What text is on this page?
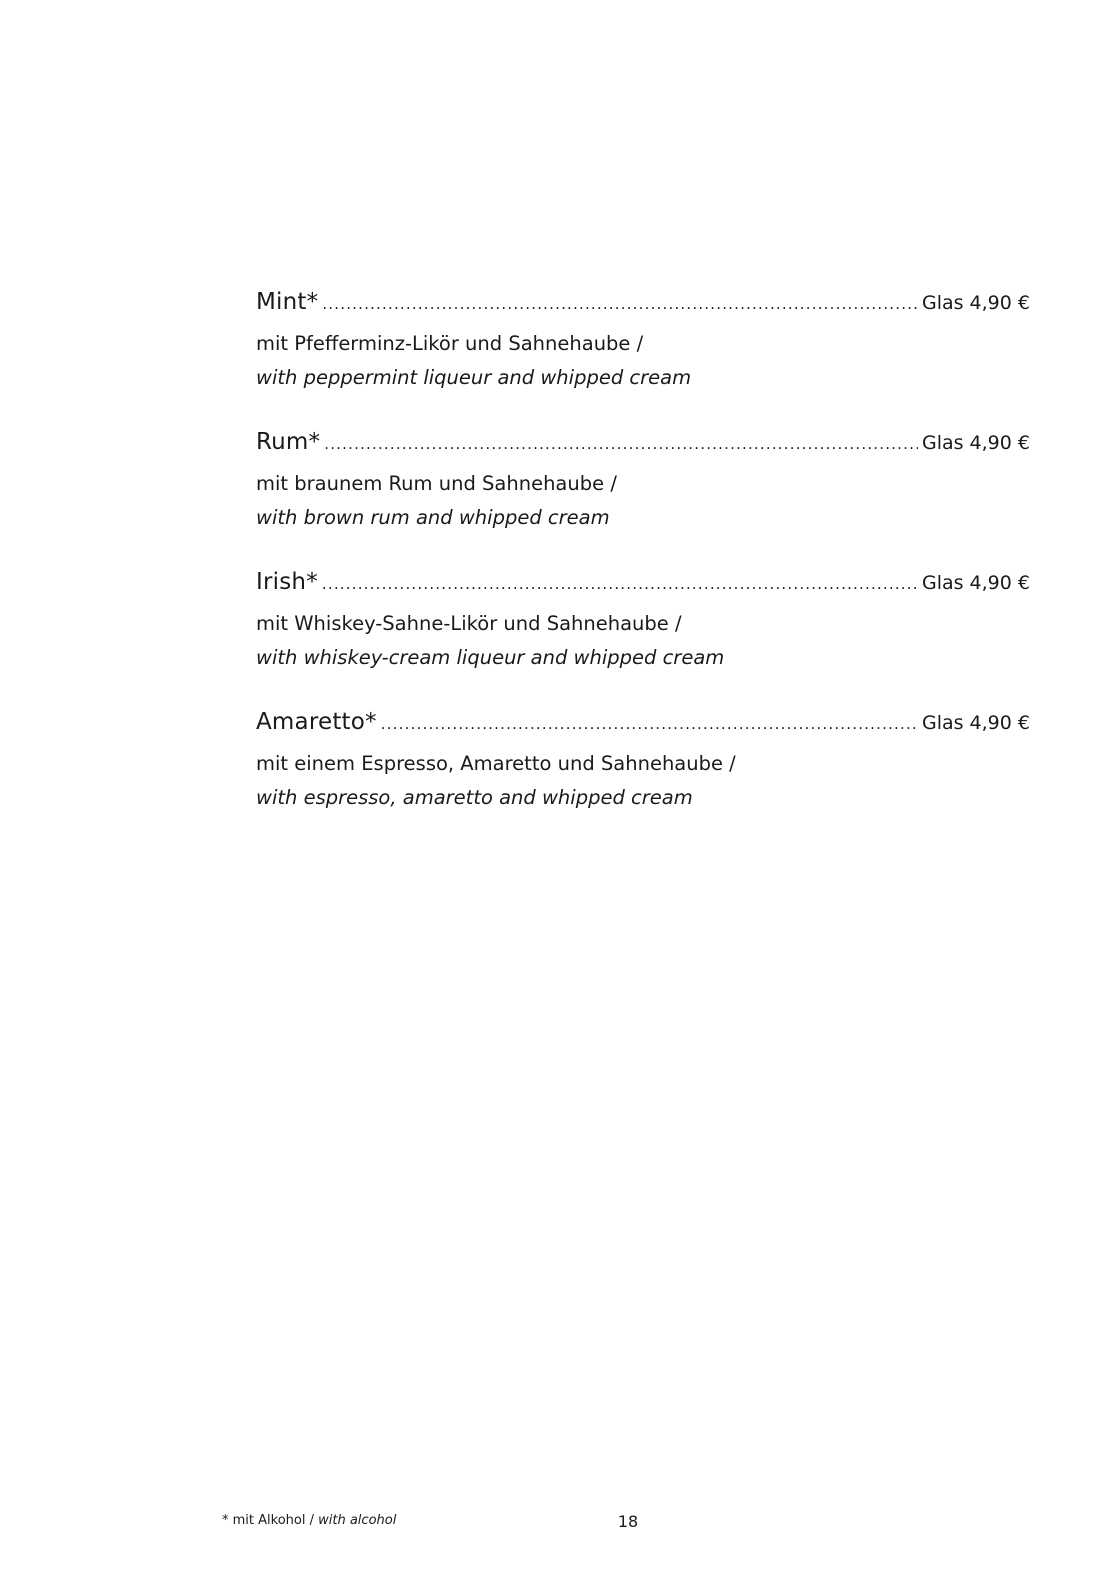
Mint* .....	Glas 4,90 €
mit Pfefferminz-Likör und Sahnehaube /
with peppermint liqueur and whipped cream
Rum* .....	Glas 4,90 €
mit braunem Rum und Sahnehaube /
with brown rum and whipped cream
Irish* .....	Glas 4,90 €
mit Whiskey-Sahne-Likör und Sahnehaube /
with whiskey-cream liqueur and whipped cream
Amaretto* .....	Glas 4,90 €
mit einem Espresso, Amaretto und Sahnehaube /
with espresso, amaretto and whipped cream
* mit Alkohol / with alcohol	18
